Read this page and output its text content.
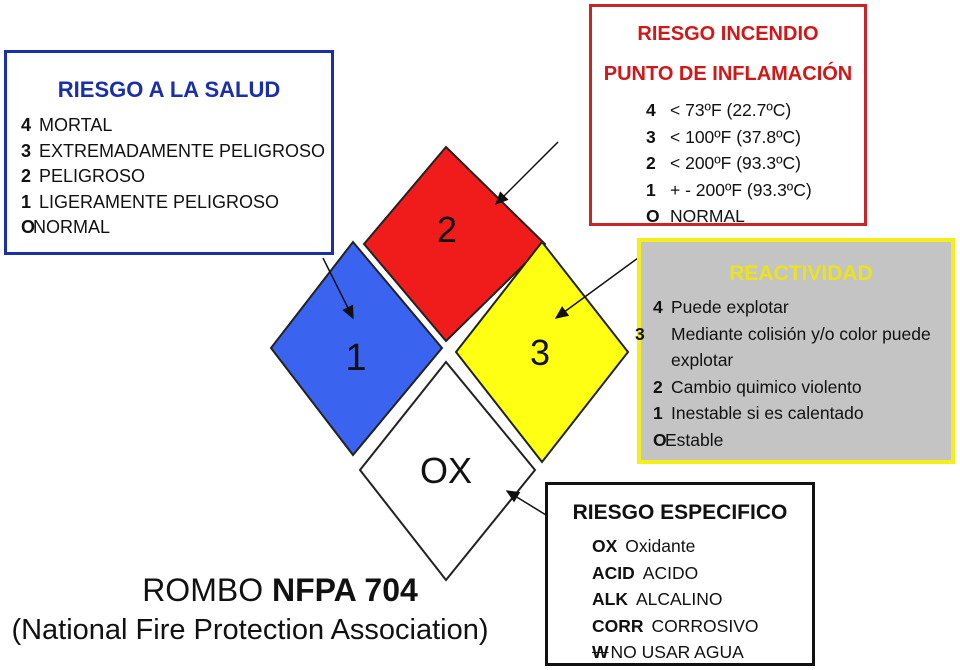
2
1	3
OX
RIESGO A LA SALUD
4 MORTAL
3 EXTREMADAMENTE PELIGROSO
2 PELIGROSO
1 LIGERAMENTE PELIGROSO
ONORMAL
RIESGO INCENDIO
PUNTO DE INFLAMACIÓN
4 < 73ºF (22.7ºC)
3 < 100ºF (37.8ºC)
2 < 200ºF (93.3ºC)
1 + - 200ºF (93.3ºC)
O NORMAL
REACTIVIDAD
4 Puede explotar
3 Mediante colisión y/o color puede explotar
2 Cambio quimico violento
1 Inestable si es calentado
OEstable
RIESGO ESPECIFICO
OX Oxidante
ACID ACIDO
ALK ALCALINO
CORR CORROSIVO
W NO USAR AGUA
ROMBO NFPA 704
(National Fire Protection Association)
